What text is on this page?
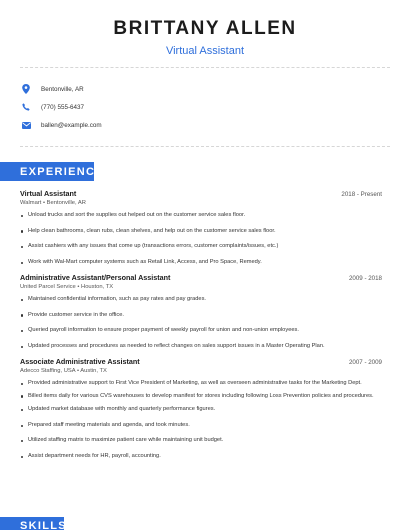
BRITTANY ALLEN
Virtual Assistant
Bentonville, AR
(770) 555-6437
ballen@example.com
EXPERIENCE
Virtual Assistant	2018 - Present
Walmart • Bentonville, AR
Unload trucks and sort the supplies out helped out on the customer service sales floor.
Help clean bathrooms, clean rubs, clean shelves, and help out on the customer service sales floor.
Assist cashiers with any issues that come up (transactions errors, customer complaints/issues, etc.)
Work with Wal-Mart computer systems such as Retail Link, Access, and Pro Space, Remedy.
Administrative Assistant/Personal Assistant	2009 - 2018
United Parcel Service • Houston, TX
Maintained confidential information, such as pay rates and pay grades.
Provide customer service in the office.
Queried payroll information to ensure proper payment of weekly payroll for union and non-union employees.
Updated processes and procedures as needed to reflect changes on sales support issues in a Master Operating Plan.
Associate Administrative Assistant	2007 - 2009
Adecco Staffing, USA • Austin, TX
Provided administrative support to First Vice President of Marketing, as well as overseen administrative tasks for the Marketing Dept.
Billed items daily for various CVS warehouses to develop manifest for stores including following Loss Prevention policies and procedures.
Updated market database with monthly and quarterly performance figures.
Prepared staff meeting materials and agenda, and took minutes.
Utilized staffing matrix to maximize patient care while maintaining unit budget.
Assist department needs for HR, payroll, accounting.
SKILLS
